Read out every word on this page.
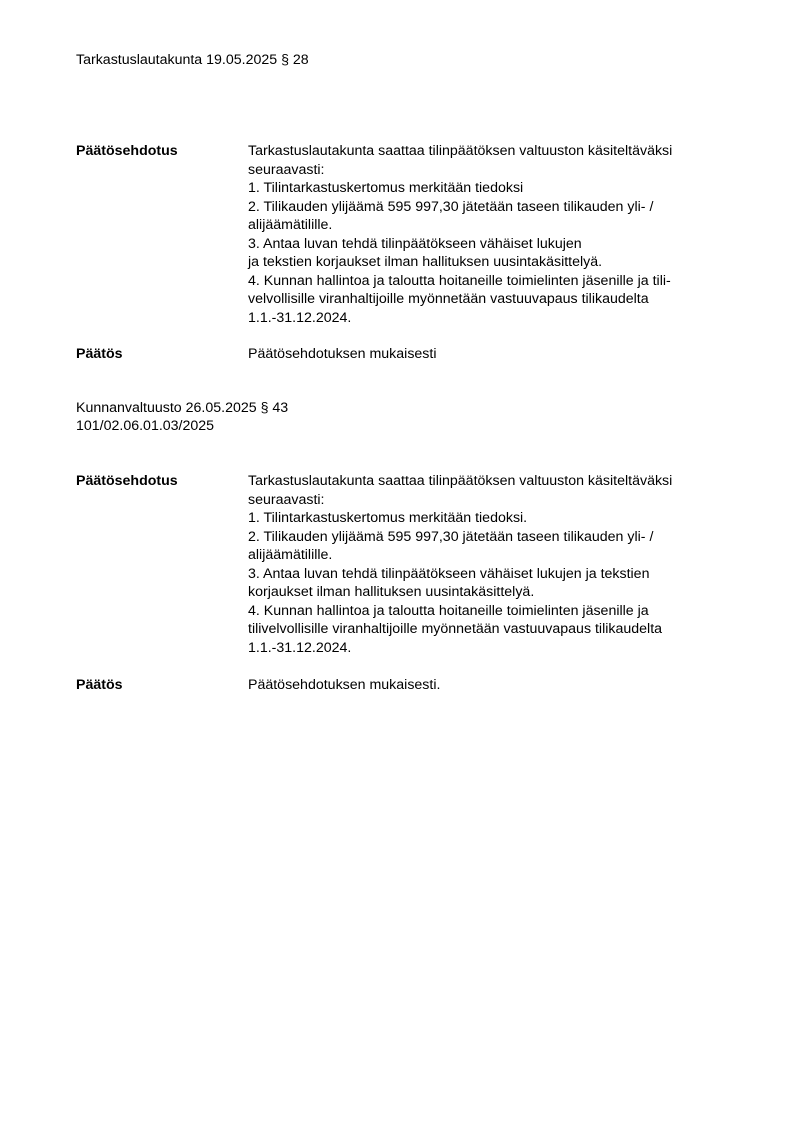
Tarkastuslautakunta 19.05.2025 § 28
Päätösehdotus	Tarkastuslautakunta saattaa tilinpäätöksen valtuuston käsiteltäväksi
seuraavasti:
1. Tilintarkastuskertomus merkitään tiedoksi
2. Tilikauden ylijäämä 595 997,30 jätetään taseen tilikauden yli- /
alijäämätilille.
3. Antaa luvan tehdä tilinpäätökseen vähäiset lukujen
ja tekstien korjaukset ilman hallituksen uusintakäsittelyä.
4. Kunnan hallintoa ja taloutta hoitaneille toimielinten jäsenille ja tili-
velvollisille viranhaltijoille myönnetään vastuuvapaus tilikaudelta
1.1.-31.12.2024.
Päätös	Päätösehdotuksen mukaisesti
Kunnanvaltuusto 26.05.2025 § 43
101/02.06.01.03/2025
Päätösehdotus	Tarkastuslautakunta saattaa tilinpäätöksen valtuuston käsiteltäväksi
seuraavasti:
1. Tilintarkastuskertomus merkitään tiedoksi.
2. Tilikauden ylijäämä 595 997,30 jätetään taseen tilikauden yli- /
alijäämätilille.
3. Antaa luvan tehdä tilinpäätökseen vähäiset lukujen ja tekstien
korjaukset ilman hallituksen uusintakäsittelyä.
4. Kunnan hallintoa ja taloutta hoitaneille toimielinten jäsenille ja
tilivelvollisille viranhaltijoille myönnetään vastuuvapaus tilikaudelta
1.1.-31.12.2024.
Päätös	Päätösehdotuksen mukaisesti.
